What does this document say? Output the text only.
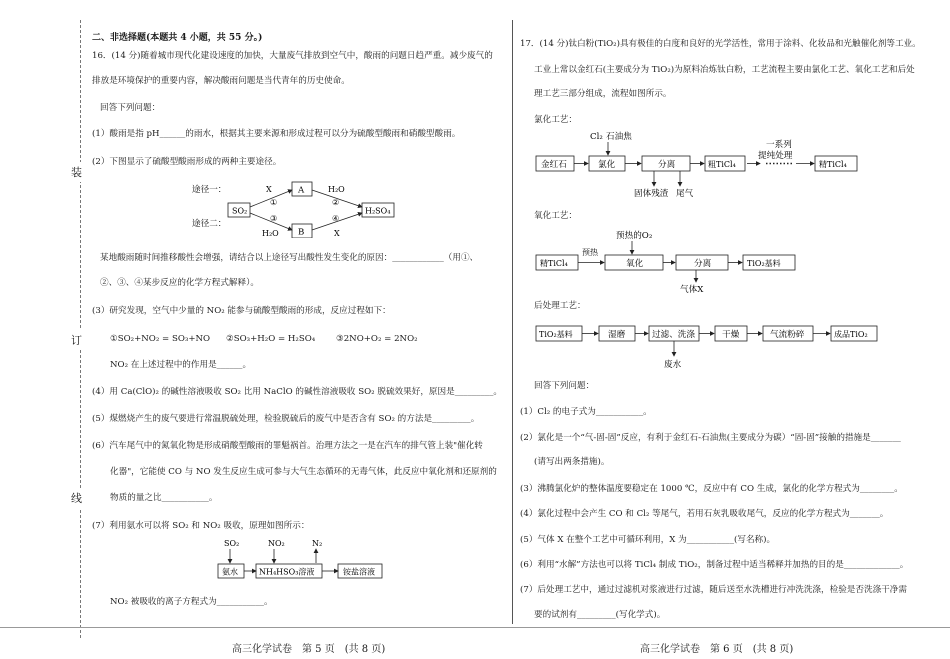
装
订
线
二、非选择题(本题共 4 小题，共 55 分。)
16．(14 分)随着城市现代化建设速度的加快，大量废气排放到空气中，酸雨的问题日趋严重。减少废气的
排放是环境保护的重要内容，解决酸雨问题是当代青年的历史使命。
回答下列问题：
(1）酸雨是指 pH______的雨水，根据其主要来源和形成过程可以分为硫酸型酸雨和硝酸型酸雨。
(2）下图显示了硫酸型酸雨形成的两种主要途径。
途径一：
途径二：
SO₂
A
B
H₂SO₄
X
①
③
H₂O
H₂O
②
④
X
某地酸雨随时间推移酸性会增强，请结合以上途径写出酸性发生变化的原因：____________（用①、
②、③、④某步反应的化学方程式解释）。
(3）研究发现，空气中少量的 NO₂ 能参与硫酸型酸雨的形成，反应过程如下：
①SO₂+NO₂ = SO₃+NO ②SO₃+H₂O = H₂SO₄ ③2NO+O₂ = 2NO₂
NO₂ 在上述过程中的作用是______。
(4）用 Ca(ClO)₂ 的碱性溶液吸收 SO₂ 比用 NaClO 的碱性溶液吸收 SO₂ 脱硫效果好，原因是_________。
(5）煤燃烧产生的废气要进行常温脱硫处理，检验脱硫后的废气中是否含有 SO₂ 的方法是_________。
(6）汽车尾气中的氮氧化物是形成硝酸型酸雨的罪魁祸首。治理方法之一是在汽车的排气管上装"催化转
化器"，它能使 CO 与 NO 发生反应生成可参与大气生态循环的无毒气体，此反应中氧化剂和还原剂的
物质的量之比___________。
(7）利用氨水可以将 SO₂ 和 NO₂ 吸收，原理如图所示：
SO₂	NO₂	N₂
氨水	NH₄HSO₃溶液	铵盐溶液
NO₂ 被吸收的离子方程式为___________。
17．(14 分)钛白粉(TiO₂)具有极佳的白度和良好的光学活性，常用于涂料、化妆品和光触催化剂等工业。
工业上常以金红石(主要成分为 TiO₂)为原料冶炼钛白粉，工艺流程主要由氯化工艺、氧化工艺和后处
理工艺三部分组成，流程如图所示。
氯化工艺：
Cl₂ 石油焦
金红石	氯化	分离	粗TiCl₄
一系列
提纯处理
精TiCl₄
固体残渣 尾气
氧化工艺：
预热的O₂
精TiCl₄
预热
氧化	分离	TiO₂基料
气体X
后处理工艺：
TiO₂基料	湿磨	过滤、洗涤	干燥	气流粉碎	成品TiO₂
废水
回答下列问题：
(1）Cl₂ 的电子式为___________。
(2）氯化是一个“气-固-固”反应，有利于金红石-石油焦(主要成分为碳）“固-固”接触的措施是_______
(请写出两条措施)。
(3）沸腾氯化炉的整体温度要稳定在 1000 ℃，反应中有 CO 生成，氯化的化学方程式为________。
(4）氯化过程中会产生 CO 和 Cl₂ 等尾气，若用石灰乳吸收尾气，反应的化学方程式为_______。
(5）气体 X 在整个工艺中可循环利用，X 为___________(写名称)。
(6）利用“水解”方法也可以将 TiCl₄ 制成 TiO₂，制备过程中适当稀释并加热的目的是_____________。
(7）后处理工艺中，通过过滤机对浆液进行过滤，随后送至水洗槽进行冲洗洗涤，检验是否洗涤干净需
要的试剂有_________(写化学式)。
高三化学试卷　第 5 页　(共 8 页)	高三化学试卷　第 6 页　(共 8 页)
